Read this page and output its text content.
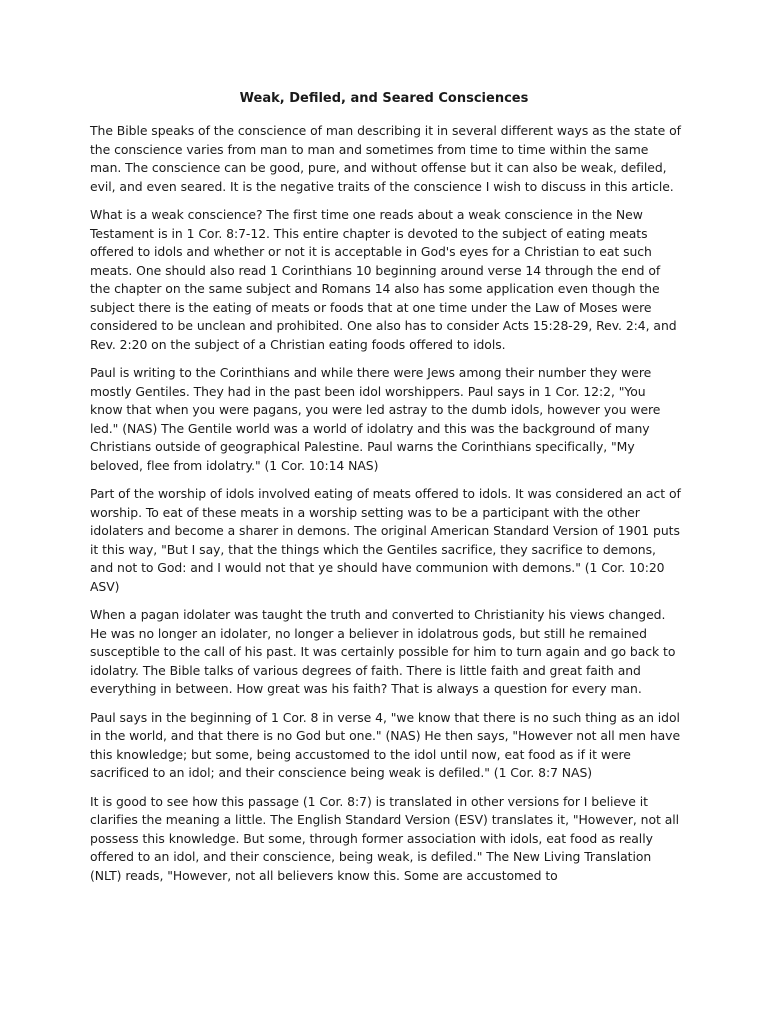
Weak, Defiled, and Seared Consciences

The Bible speaks of the conscience of man describing it in several different ways as the state of the conscience varies from man to man and sometimes from time to time within the same man. The conscience can be good, pure, and without offense but it can also be weak, defiled, evil, and even seared. It is the negative traits of the conscience I wish to discuss in this article.

What is a weak conscience? The first time one reads about a weak conscience in the New Testament is in 1 Cor. 8:7-12. This entire chapter is devoted to the subject of eating meats offered to idols and whether or not it is acceptable in God's eyes for a Christian to eat such meats. One should also read 1 Corinthians 10 beginning around verse 14 through the end of the chapter on the same subject and Romans 14 also has some application even though the subject there is the eating of meats or foods that at one time under the Law of Moses were considered to be unclean and prohibited. One also has to consider Acts 15:28-29, Rev. 2:4, and Rev. 2:20 on the subject of a Christian eating foods offered to idols.

Paul is writing to the Corinthians and while there were Jews among their number they were mostly Gentiles. They had in the past been idol worshippers. Paul says in 1 Cor. 12:2, "You know that when you were pagans, you were led astray to the dumb idols, however you were led." (NAS) The Gentile world was a world of idolatry and this was the background of many Christians outside of geographical Palestine. Paul warns the Corinthians specifically, "My beloved, flee from idolatry." (1 Cor. 10:14 NAS)

Part of the worship of idols involved eating of meats offered to idols. It was considered an act of worship. To eat of these meats in a worship setting was to be a participant with the other idolaters and become a sharer in demons. The original American Standard Version of 1901 puts it this way, "But I say, that the things which the Gentiles sacrifice, they sacrifice to demons, and not to God: and I would not that ye should have communion with demons." (1 Cor. 10:20 ASV)

When a pagan idolater was taught the truth and converted to Christianity his views changed. He was no longer an idolater, no longer a believer in idolatrous gods, but still he remained susceptible to the call of his past. It was certainly possible for him to turn again and go back to idolatry. The Bible talks of various degrees of faith. There is little faith and great faith and everything in between. How great was his faith? That is always a question for every man.

Paul says in the beginning of 1 Cor. 8 in verse 4, "we know that there is no such thing as an idol in the world, and that there is no God but one." (NAS) He then says, "However not all men have this knowledge; but some, being accustomed to the idol until now, eat food as if it were sacrificed to an idol; and their conscience being weak is defiled." (1 Cor. 8:7 NAS)

It is good to see how this passage (1 Cor. 8:7) is translated in other versions for I believe it clarifies the meaning a little. The English Standard Version (ESV) translates it, "However, not all possess this knowledge. But some, through former association with idols, eat food as really offered to an idol, and their conscience, being weak, is defiled." The New Living Translation (NLT) reads, "However, not all believers know this. Some are accustomed to
